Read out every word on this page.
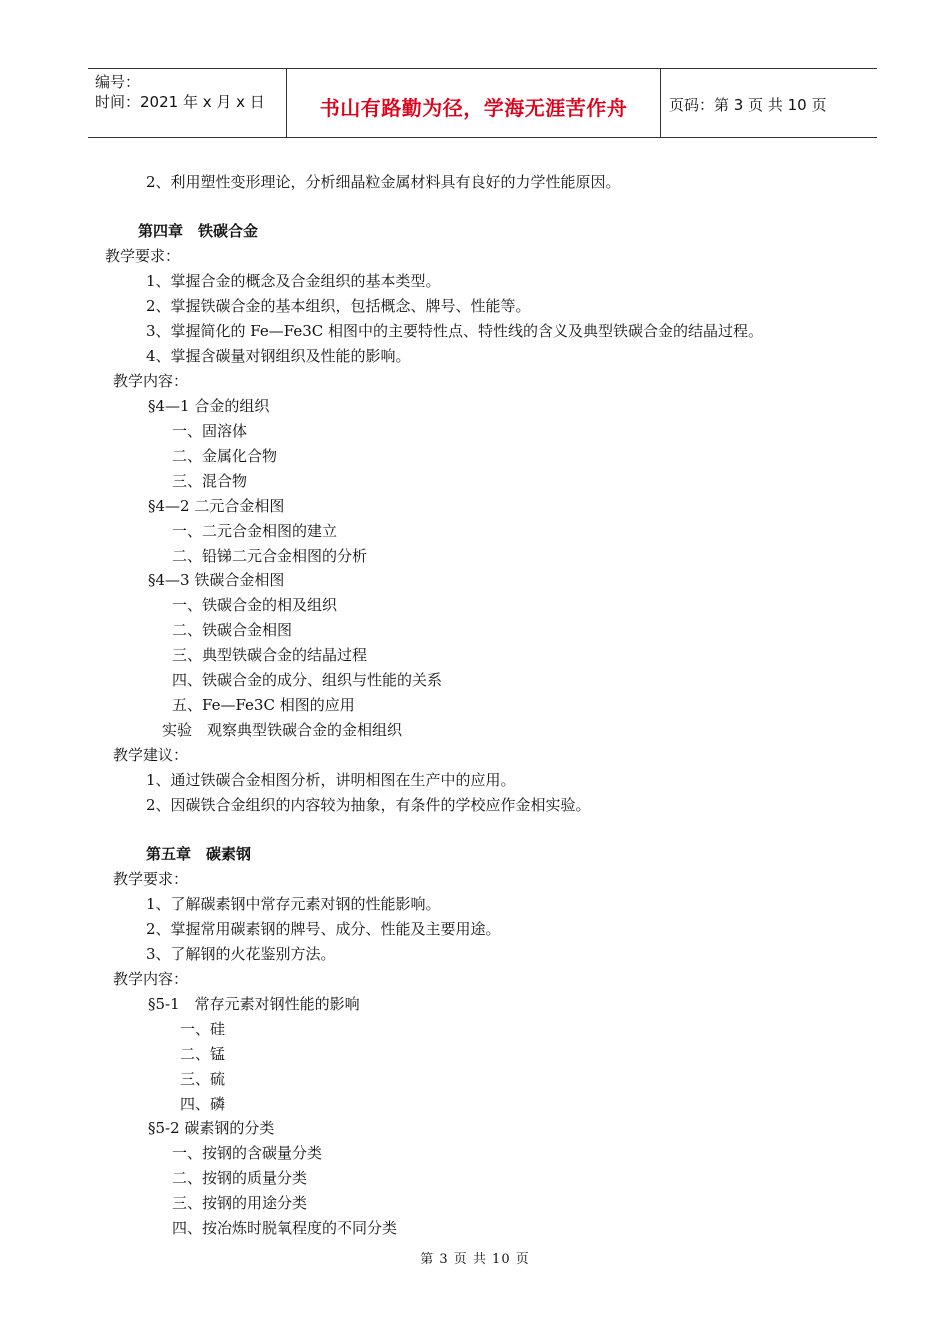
编号：
时间：2021 年 x 月 x 日	书山有路勤为径，学海无涯苦作舟	页码：第 3 页 共 10 页
2、利用塑性变形理论，分析细晶粒金属材料具有良好的力学性能原因。
第四章　铁碳合金
教学要求：
1、掌握合金的概念及合金组织的基本类型。
2、掌握铁碳合金的基本组织，包括概念、牌号、性能等。
3、掌握简化的 Fe—Fe3C 相图中的主要特性点、特性线的含义及典型铁碳合金的结晶过程。
4、掌握含碳量对钢组织及性能的影响。
教学内容：
§4—1 合金的组织
一、固溶体
二、金属化合物
三、混合物
§4—2 二元合金相图
一、二元合金相图的建立
二、铅锑二元合金相图的分析
§4—3 铁碳合金相图
一、铁碳合金的相及组织
二、铁碳合金相图
三、典型铁碳合金的结晶过程
四、铁碳合金的成分、组织与性能的关系
五、Fe—Fe3C 相图的应用
实验　观察典型铁碳合金的金相组织
教学建议：
1、通过铁碳合金相图分析，讲明相图在生产中的应用。
2、因碳铁合金组织的内容较为抽象，有条件的学校应作金相实验。
第五章　碳素钢
教学要求：
1、了解碳素钢中常存元素对钢的性能影响。
2、掌握常用碳素钢的牌号、成分、性能及主要用途。
3、了解钢的火花鉴别方法。
教学内容：
§5-1　常存元素对钢性能的影响
一、硅
二、锰
三、硫
四、磷
§5-2 碳素钢的分类
一、按钢的含碳量分类
二、按钢的质量分类
三、按钢的用途分类
四、按冶炼时脱氧程度的不同分类
第 3 页 共 10 页
